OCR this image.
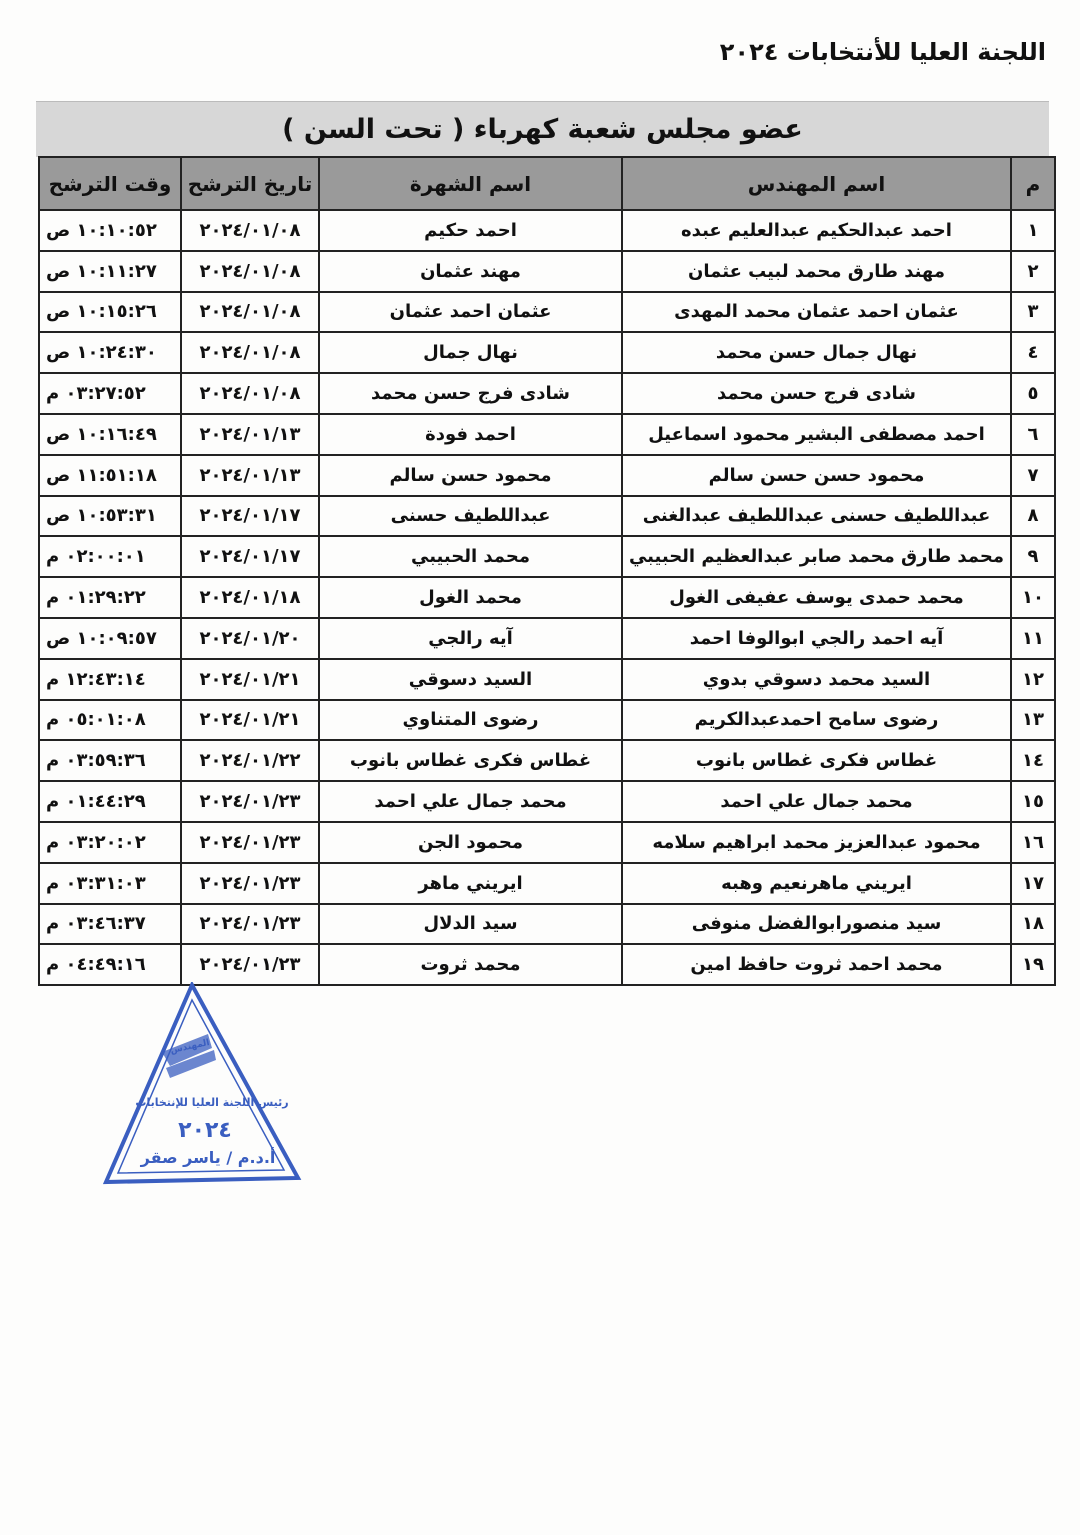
اللجنة العليا للأنتخابات ٢٠٢٤
عضو مجلس شعبة كهرباء ( تحت السن )
م	اسم المهندس	اسم الشهرة	تاريخ الترشح	وقت الترشح
١	احمد عبدالحكيم عبدالعليم عبده	احمد حكيم	٢٠٢٤/٠١/٠٨	١٠:١٠:٥٢ ص
٢	مهند طارق محمد لبيب عثمان	مهند عثمان	٢٠٢٤/٠١/٠٨	١٠:١١:٢٧ ص
٣	عثمان احمد عثمان محمد المهدى	عثمان احمد عثمان	٢٠٢٤/٠١/٠٨	١٠:١٥:٢٦ ص
٤	نهال جمال حسن محمد	نهال جمال	٢٠٢٤/٠١/٠٨	١٠:٢٤:٣٠ ص
٥	شادى فرج حسن محمد	شادى فرج حسن محمد	٢٠٢٤/٠١/٠٨	٠٣:٢٧:٥٢ م
٦	احمد مصطفى البشير محمود اسماعيل	احمد فودة	٢٠٢٤/٠١/١٣	١٠:١٦:٤٩ ص
٧	محمود حسن حسن سالم	محمود حسن سالم	٢٠٢٤/٠١/١٣	١١:٥١:١٨ ص
٨	عبداللطيف حسنى عبداللطيف عبدالغنى	عبداللطيف حسنى	٢٠٢٤/٠١/١٧	١٠:٥٣:٣١ ص
٩	محمد طارق محمد صابر عبدالعظيم الحبيبي	محمد الحبيبي	٢٠٢٤/٠١/١٧	٠٢:٠٠:٠١ م
١٠	محمد حمدى يوسف عفيفى الغول	محمد الغول	٢٠٢٤/٠١/١٨	٠١:٢٩:٢٢ م
١١	آيه احمد رالجي ابوالوفا احمد	آيه رالجي	٢٠٢٤/٠١/٢٠	١٠:٠٩:٥٧ ص
١٢	السيد محمد دسوقي بدوي	السيد دسوقي	٢٠٢٤/٠١/٢١	١٢:٤٣:١٤ م
١٣	رضوى سامح احمدعبدالكريم	رضوى المتناوي	٢٠٢٤/٠١/٢١	٠٥:٠١:٠٨ م
١٤	غطاس فكرى غطاس بانوب	غطاس فكرى غطاس بانوب	٢٠٢٤/٠١/٢٢	٠٣:٥٩:٣٦ م
١٥	محمد جمال علي احمد	محمد جمال علي احمد	٢٠٢٤/٠١/٢٣	٠١:٤٤:٢٩ م
١٦	محمود عبدالعزيز محمد ابراهيم سلامه	محمود الجن	٢٠٢٤/٠١/٢٣	٠٣:٢٠:٠٢ م
١٧	ايريني ماهرنعيم وهبه	ايريني ماهر	٢٠٢٤/٠١/٢٣	٠٣:٣١:٠٣ م
١٨	سيد منصورابوالفضل منوفى	سيد الدلال	٢٠٢٤/٠١/٢٣	٠٣:٤٦:٣٧ م
١٩	محمد احمد ثروت حافظ امين	محمد ثروت	٢٠٢٤/٠١/٢٣	٠٤:٤٩:١٦ م
المهندس
رئيس اللجنة العليا للإنتخابات
٢٠٢٤
أ.د.م / ياسر صقر
